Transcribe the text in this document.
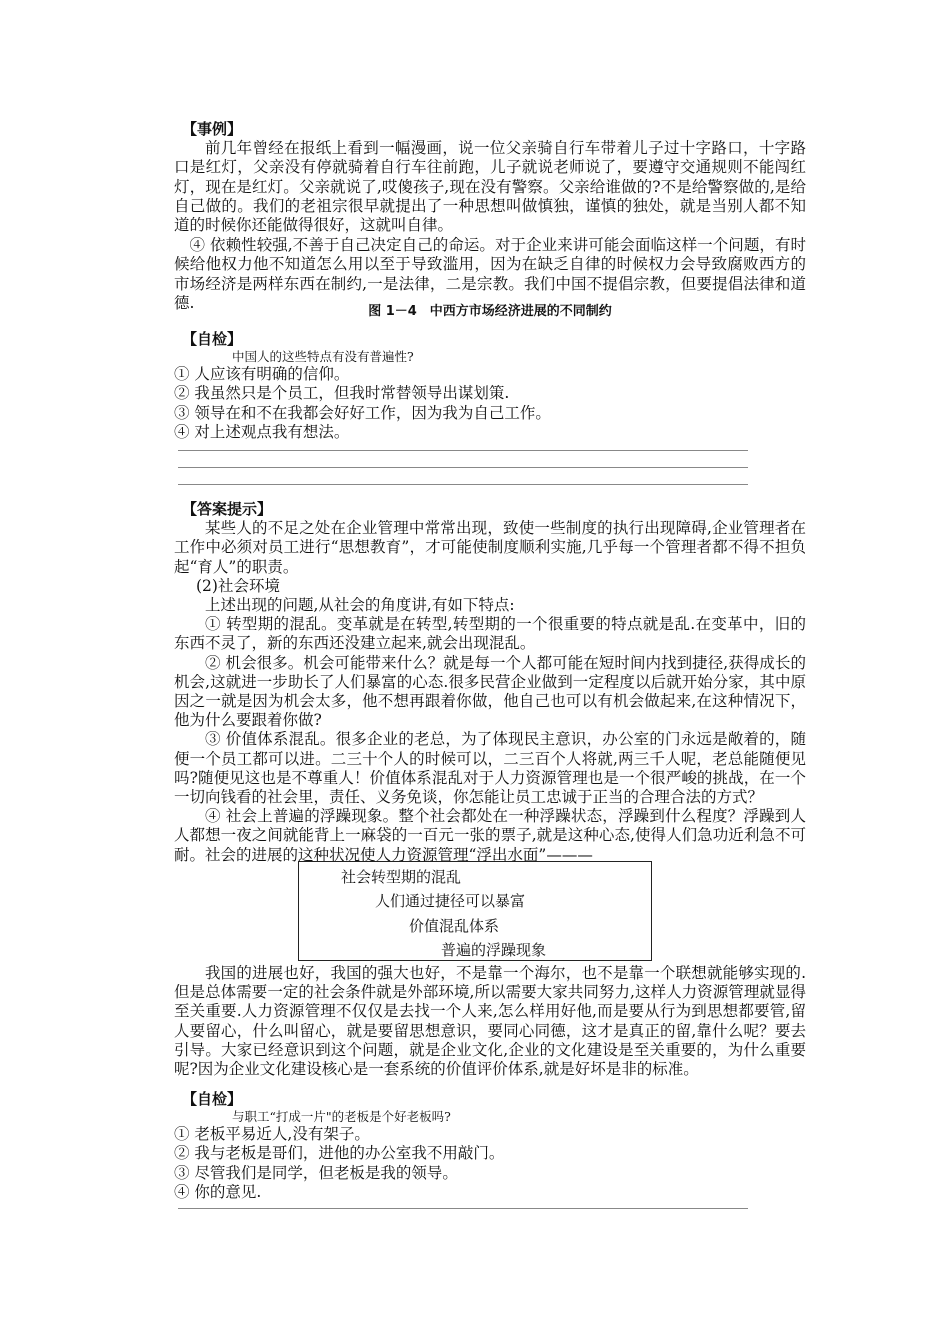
【事例】

前几年曾经在报纸上看到一幅漫画，说一位父亲骑自行车带着儿子过十字路口，十字路口是红灯，父亲没有停就骑着自行车往前跑，儿子就说老师说了，要遵守交通规则不能闯红灯，现在是红灯。父亲就说了,哎傻孩子,现在没有警察。父亲给谁做的?不是给警察做的,是给自己做的。我们的老祖宗很早就提出了一种思想叫做慎独，谨慎的独处，就是当别人都不知道的时候你还能做得很好，这就叫自律。

④ 依赖性较强,不善于自己决定自己的命运。对于企业来讲可能会面临这样一个问题，有时候给他权力他不知道怎么用以至于导致滥用，因为在缺乏自律的时候权力会导致腐败西方的市场经济是两样东西在制约,一是法律，二是宗教。我们中国不提倡宗教，但要提倡法律和道德.	图 1－4　中西方市场经济进展的不同制约

【自检】

中国人的这些特点有没有普遍性?

① 人应该有明确的信仰。

② 我虽然只是个员工，但我时常替领导出谋划策.

③ 领导在和不在我都会好好工作，因为我为自己工作。

④ 对上述观点我有想法。

【答案提示】

某些人的不足之处在企业管理中常常出现，致使一些制度的执行出现障碍,企业管理者在工作中必须对员工进行“思想教育”，才可能使制度顺利实施,几乎每一个管理者都不得不担负起“育人”的职责。

(2)社会环境

上述出现的问题,从社会的角度讲,有如下特点:

① 转型期的混乱。变革就是在转型,转型期的一个很重要的特点就是乱.在变革中，旧的东西不灵了，新的东西还没建立起来,就会出现混乱。

② 机会很多。机会可能带来什么？就是每一个人都可能在短时间内找到捷径,获得成长的机会,这就进一步助长了人们暴富的心态.很多民营企业做到一定程度以后就开始分家，其中原因之一就是因为机会太多，他不想再跟着你做，他自己也可以有机会做起来,在这种情况下，他为什么要跟着你做?

③ 价值体系混乱。很多企业的老总，为了体现民主意识，办公室的门永远是敞着的，随便一个员工都可以进。二三十个人的时候可以，二三百个人将就,两三千人呢，老总能随便见吗?随便见这也是不尊重人！价值体系混乱对于人力资源管理也是一个很严峻的挑战，在一个一切向钱看的社会里，责任、义务免谈，你怎能让员工忠诚于正当的合理合法的方式？

④ 社会上普遍的浮躁现象。整个社会都处在一种浮躁状态，浮躁到什么程度？浮躁到人人都想一夜之间就能背上一麻袋的一百元一张的票子,就是这种心态,使得人们急功近利急不可耐。社会的进展的这种状况使人力资源管理“浮出水面”———

社会转型期的混乱
人们通过捷径可以暴富
价值混乱体系
普遍的浮躁现象

我国的进展也好，我国的强大也好，不是靠一个海尔，也不是靠一个联想就能够实现的.但是总体需要一定的社会条件就是外部环境,所以需要大家共同努力,这样人力资源管理就显得至关重要.人力资源管理不仅仅是去找一个人来,怎么样用好他,而是要从行为到思想都要管,留人要留心，什么叫留心，就是要留思想意识，要同心同德，这才是真正的留,靠什么呢？要去引导。大家已经意识到这个问题，就是企业文化,企业的文化建设是至关重要的，为什么重要呢?因为企业文化建设核心是一套系统的价值评价体系,就是好坏是非的标准。

【自检】

与职工“打成一片"的老板是个好老板吗?

① 老板平易近人,没有架子。

② 我与老板是哥们，进他的办公室我不用敲门。

③ 尽管我们是同学，但老板是我的领导。

④ 你的意见.
